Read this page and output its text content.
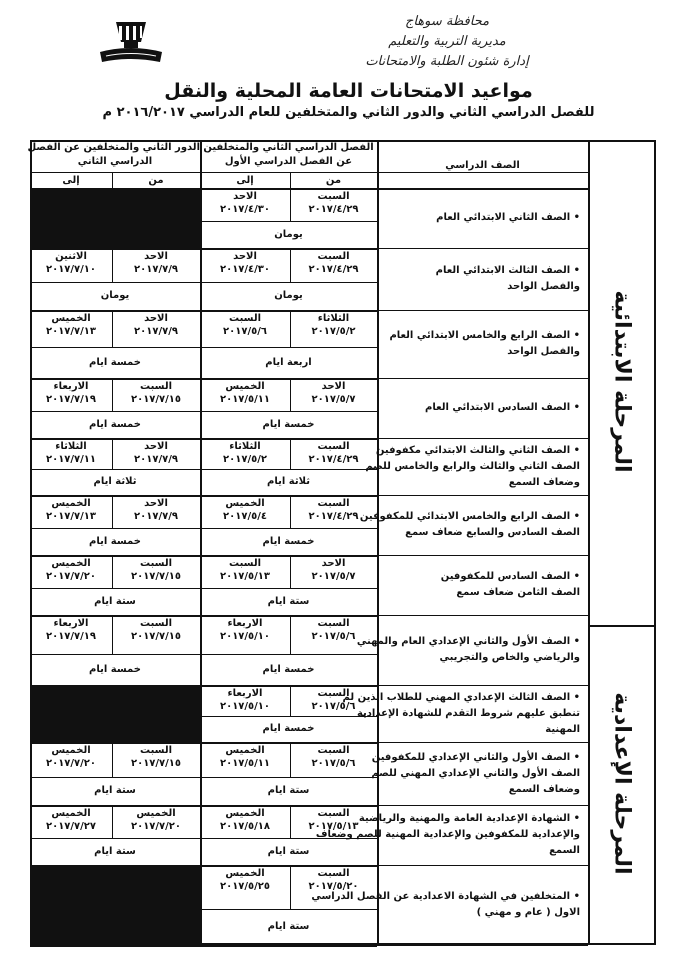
محافظة سوهاج
مديرية التربية والتعليم
إدارة شئون الطلبة والامتحانات
مواعيد الامتحانات العامة المحلية والنقل
للفصل الدراسي الثاني والدور الثاني والمتخلفين للعام الدراسي ٢٠١٦/٢٠١٧ م
الصف الدراسي
الفصل الدراسي الثاني والمتخلفين
عن الفصل الدراسي الأول
الدور الثاني والمتخلفين عن الفصل
الدراسي الثاني
من
إلى
من
إلى
السبت
٢٠١٧/٤/٢٩
الاحد
٢٠١٧/٤/٣٠
يومان
• الصف الثاني الابتدائي العام
السبت
٢٠١٧/٤/٢٩
الاحد
٢٠١٧/٤/٣٠
يومان
الاحد
٢٠١٧/٧/٩
الاثنين
٢٠١٧/٧/١٠
يومان
• الصف الثالث الابتدائي العام
والفصل الواحد
الثلاثاء
٢٠١٧/٥/٢
السبت
٢٠١٧/٥/٦
اربعة ايام
الاحد
٢٠١٧/٧/٩
الخميس
٢٠١٧/٧/١٣
خمسة ايام
• الصف الرابع والخامس الابتدائي العام
والفصل الواحد
الاحد
٢٠١٧/٥/٧
الخميس
٢٠١٧/٥/١١
خمسة ايام
السبت
٢٠١٧/٧/١٥
الاربعاء
٢٠١٧/٧/١٩
خمسة ايام
• الصف السادس الابتدائي العام
السبت
٢٠١٧/٤/٢٩
الثلاثاء
٢٠١٧/٥/٢
ثلاثة ايام
الاحد
٢٠١٧/٧/٩
الثلاثاء
٢٠١٧/٧/١١
ثلاثة ايام
• الصف الثاني والثالث الابتدائي مكفوفين
الصف الثاني والثالث والرابع والخامس للصم
وضعاف السمع
السبت
٢٠١٧/٤/٢٩
الخميس
٢٠١٧/٥/٤
خمسة ايام
الاحد
٢٠١٧/٧/٩
الخميس
٢٠١٧/٧/١٣
خمسة ايام
• الصف الرابع والخامس الابتدائي للمكفوفين
الصف السادس والسابع ضعاف سمع
الاحد
٢٠١٧/٥/٧
السبت
٢٠١٧/٥/١٣
ستة ايام
السبت
٢٠١٧/٧/١٥
الخميس
٢٠١٧/٧/٢٠
ستة ايام
• الصف السادس للمكفوفين
الصف الثامن ضعاف سمع
السبت
٢٠١٧/٥/٦
الاربعاء
٢٠١٧/٥/١٠
خمسة ايام
السبت
٢٠١٧/٧/١٥
الاربعاء
٢٠١٧/٧/١٩
خمسة ايام
• الصف الأول والثاني الإعدادي العام والمهني
والرياضي والخاص والتجريبي
السبت
٢٠١٧/٥/٦
الاربعاء
٢٠١٧/٥/١٠
خمسة ايام
• الصف الثالث الإعدادي المهني للطلاب الذين لم
تنطبق عليهم شروط التقدم للشهادة الإعدادية
المهنية
السبت
٢٠١٧/٥/٦
الخميس
٢٠١٧/٥/١١
ستة ايام
السبت
٢٠١٧/٧/١٥
الخميس
٢٠١٧/٧/٢٠
ستة ايام
• الصف الأول والثاني الإعدادي للمكفوفين
الصف الأول والثاني الإعدادي المهني للصم
وضعاف السمع
السبت
٢٠١٧/٥/١٣
الخميس
٢٠١٧/٥/١٨
ستة ايام
الخميس
٢٠١٧/٧/٢٠
الخميس
٢٠١٧/٧/٢٧
ستة ايام
• الشهادة الإعدادية العامة والمهنية والرياضية
والإعدادية للمكفوفين والإعدادية المهنية للصم وضعاف
السمع
السبت
٢٠١٧/٥/٢٠
الخميس
٢٠١٧/٥/٢٥
ستة ايام
• المتخلفين في الشهادة الاعدادية عن الفصل الدراسي
الاول ( عام و مهني )
المرحلة الابتدائية
المرحلة الإعدادية
